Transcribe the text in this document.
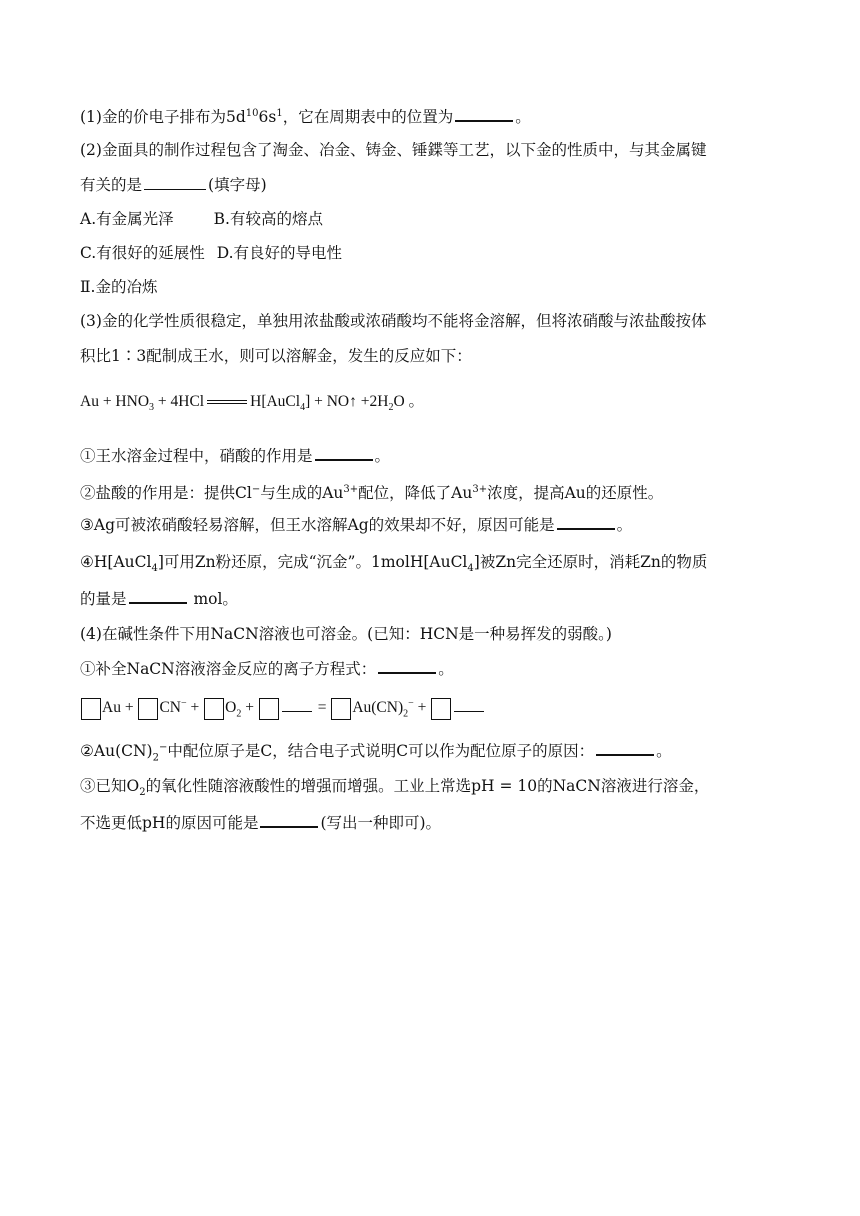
(1)金的价电子排布为$5d^{10}6s^1$，它在周期表中的位置为	。
(2)金面具的制作过程包含了淘金、冶金、铸金、锤鍱等工艺，以下金的性质中，与其金属键
有关的是	(填字母)
A.有金属光泽	B.有较高的熔点
C.有很好的延展性 D.有良好的导电性
Ⅱ.金的冶炼
(3)金的化学性质很稳定，单独用浓盐酸或浓硝酸均不能将金溶解，但将浓硝酸与浓盐酸按体
积比1∶3配制成王水，则可以溶解金，发生的反应如下：
$Au + HNO_3 + 4HCl$	H[AuCl$_4$] + NO↑ $+2H_2O$ 。
①王水溶金过程中，硝酸的作用是	。
②盐酸的作用是：提供Cl−与生成的$Au^{3+}$配位，降低了$Au^{3+}$浓度，提高Au的还原性。
③Ag可被浓硝酸轻易溶解，但王水溶解Ag的效果却不好，原因可能是	。
④H[AuCl$_4$]可用Zn粉还原，完成“沉金”。1molH[AuCl$_4$]被Zn完全还原时，消耗Zn的物质
的量是	mol。
(4)在碱性条件下用NaCN溶液也可溶金。(已知：HCN是一种易挥发的弱酸。)
①补全NaCN溶液溶金反应的离子方程式：	。
$Au + CN^- + O_2$ +	= $Au(CN)_2^-$ +
$②Au(CN)_2^-$中配位原子是C，结合电子式说明C可以作为配位原子的原因：	。
③已知$O_2$的氧化性随溶液酸性的增强而增强。工业上常选pH = 10的NaCN溶液进行溶金，
不选更低pH的原因可能是	(写出一种即可)。
